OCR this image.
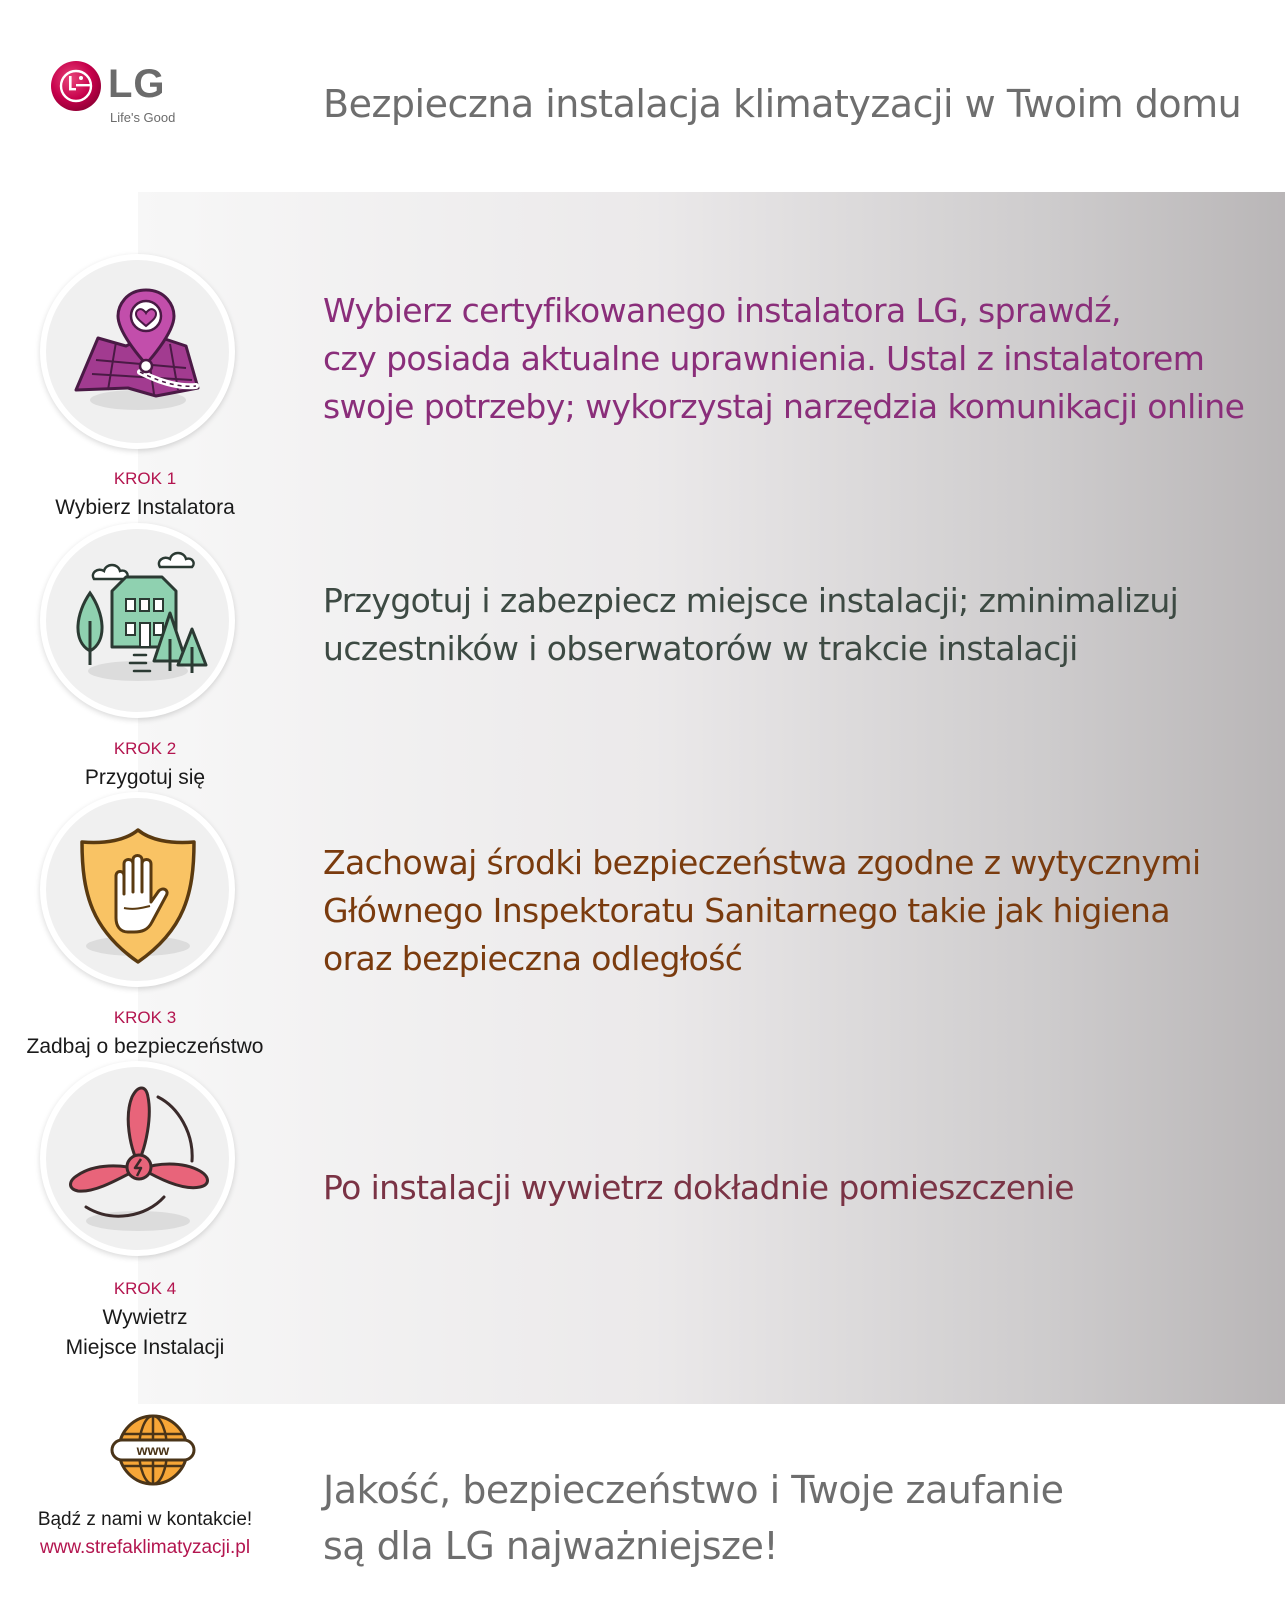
LG
Life's Good	Bezpieczna instalacja klimatyzacji w Twoim domu
KROK 1
Wybierz Instalatora
Wybierz certyfikowanego instalatora LG, sprawdź,
czy posiada aktualne uprawnienia. Ustal z instalatorem
swoje potrzeby; wykorzystaj narzędzia komunikacji online
KROK 2
Przygotuj się
Przygotuj i zabezpiecz miejsce instalacji; zminimalizuj
uczestników i obserwatorów w trakcie instalacji
KROK 3
Zadbaj o bezpieczeństwo
Zachowaj środki bezpieczeństwa zgodne z wytycznymi
Głównego Inspektoratu Sanitarnego takie jak higiena
oraz bezpieczna odległość
KROK 4
Wywietrz
Miejsce Instalacji
Po instalacji wywietrz dokładnie pomieszczenie
www
Bądź z nami w kontakcie!
www.strefaklimatyzacji.pl
Jakość, bezpieczeństwo i Twoje zaufanie
są dla LG najważniejsze!
